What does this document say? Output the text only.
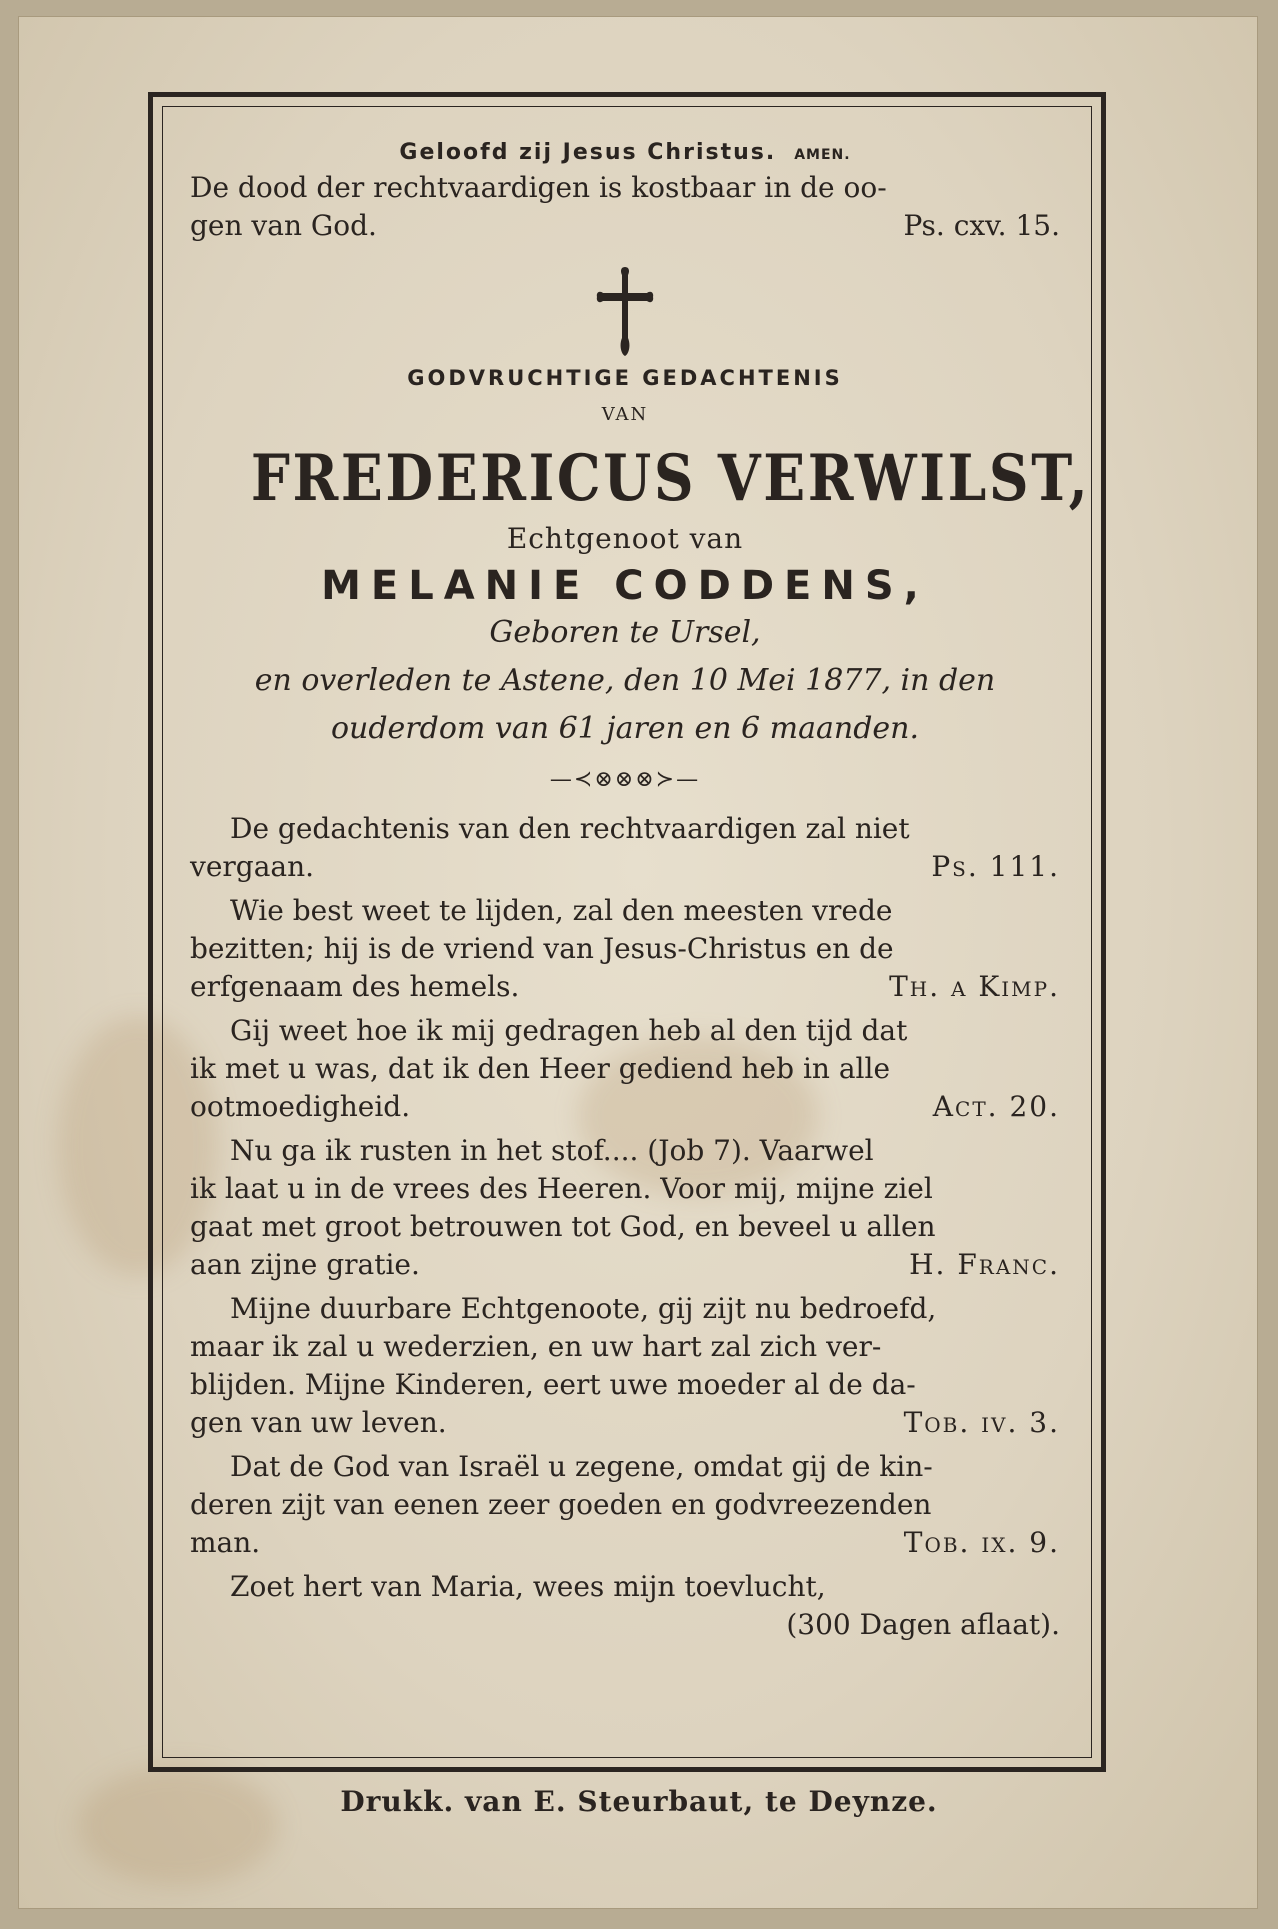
Geloofd zij Jesus Christus. AMEN.
De dood der rechtvaardigen is kostbaar in de oo-
gen van God.	Ps. cxv. 15.
GODVRUCHTIGE GEDACHTENIS
VAN
FREDERICUS VERWILST,
Echtgenoot van
MELANIE CODDENS,
Geboren te Ursel,
en overleden te Astene, den 10 Mei 1877, in den
ouderdom van 61 jaren en 6 maanden.
—≺⊗⊗⊗≻—
De gedachtenis van den rechtvaardigen zal niet
vergaan.	Ps. 111.
Wie best weet te lijden, zal den meesten vrede
bezitten; hij is de vriend van Jesus-Christus en de
erfgenaam des hemels.	Th. a Kimp.
Gij weet hoe ik mij gedragen heb al den tijd dat
ik met u was, dat ik den Heer gediend heb in alle
ootmoedigheid.	Act. 20.
Nu ga ik rusten in het stof.... (Job 7). Vaarwel
ik laat u in de vrees des Heeren. Voor mij, mijne ziel
gaat met groot betrouwen tot God, en beveel u allen
aan zijne gratie.	H. Franc.
Mijne duurbare Echtgenoote, gij zijt nu bedroefd,
maar ik zal u wederzien, en uw hart zal zich ver-
blijden. Mijne Kinderen, eert uwe moeder al de da-
gen van uw leven.	Tob. iv. 3.
Dat de God van Israël u zegene, omdat gij de kin-
deren zijt van eenen zeer goeden en godvreezenden
man.	Tob. ix. 9.
Zoet hert van Maria, wees mijn toevlucht,
(300 Dagen aflaat).
Drukk. van E. Steurbaut, te Deynze.
